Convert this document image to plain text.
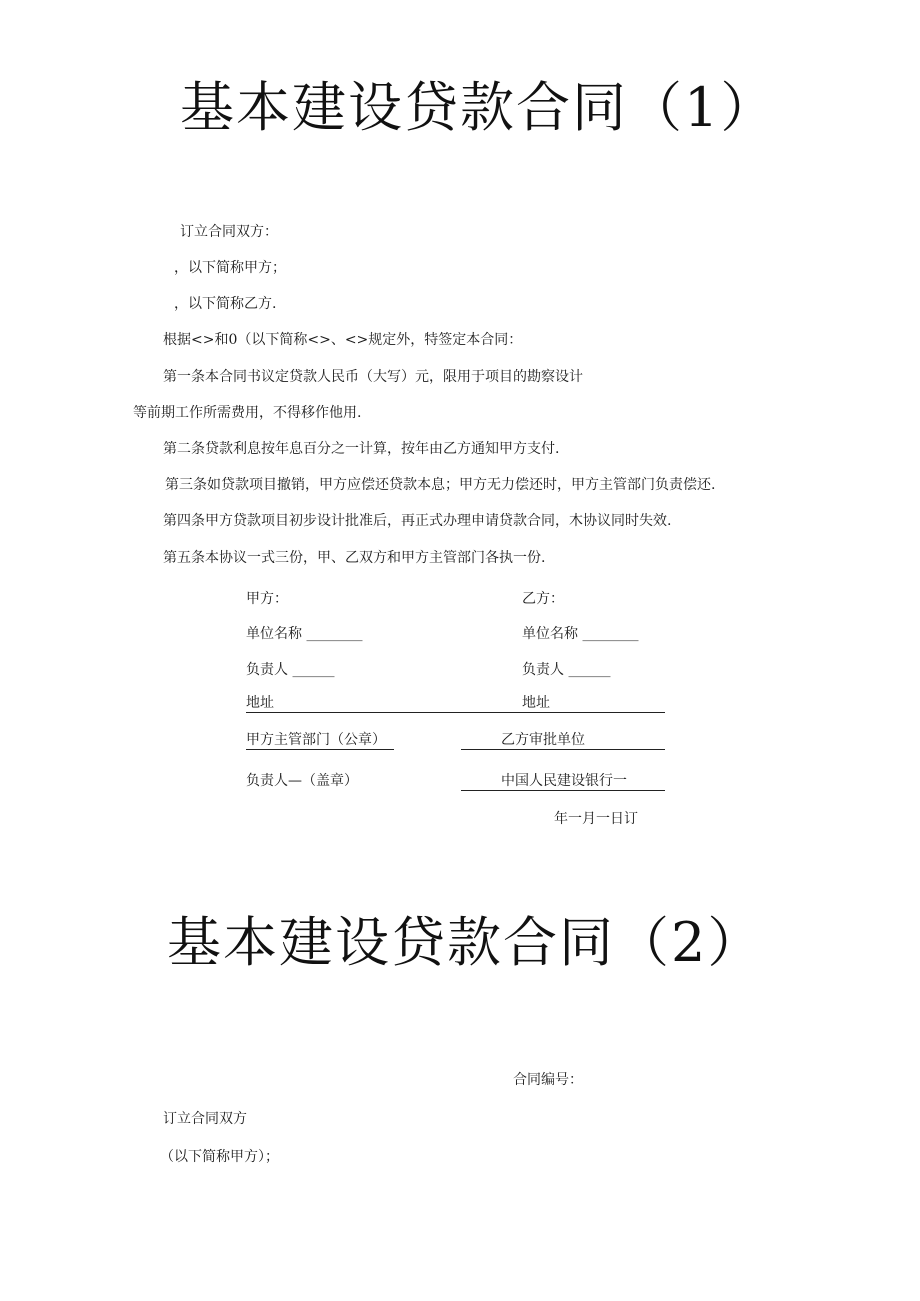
基本建设贷款合同（1）
订立合同双方：
，以下简称甲方；
，以下简称乙方.
根据<>和0（以下简称<>、<>规定外，特签定本合同：
第一条本合同书议定贷款人民币（大写）元，限用于项目的勘察设计
等前期工作所需费用，不得移作他用.
第二条贷款利息按年息百分之一计算，按年由乙方通知甲方支付.
第三条如贷款项目撤销，甲方应偿还贷款本息；甲方无力偿还时，甲方主管部门负责偿还.
第四条甲方贷款项目初步设计批准后，再正式办理申请贷款合同，木协议同时失效.
第五条本协议一式三份，甲、乙双方和甲方主管部门各执一份.
甲方：	乙方：
单位名称 ________	单位名称 ________
负责人 ______	负责人 ______
地址	地址
甲方主管部门（公章）	乙方审批单位
负责人—（盖章）	中国人民建设银行一
年一月一日订
基本建设贷款合同（2）
合同编号：
订立合同双方
（以下简称甲方）；
